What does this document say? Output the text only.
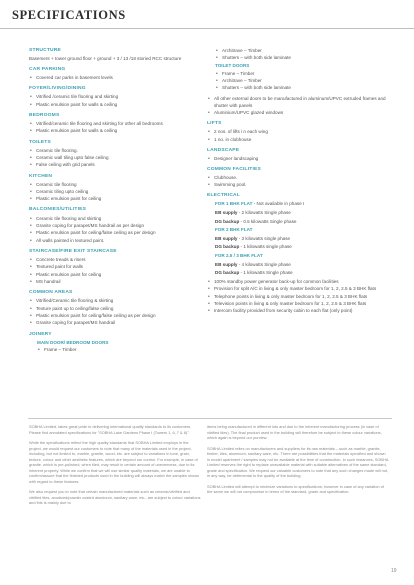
SPECIFICATIONS
STRUCTURE
Basement + tower ground floor + ground + 3 / 13 /18 storied RCC structure
CAR PARKING
• Covered car parks in basement levels
FOYER/LIVING/DINING
• Vitrified /ceramic tile flooring and skirting
• Plastic emulsion paint for walls & ceiling
BEDROOMS
• Vitrified/ceramic tile flooring and skirting for other all bedrooms
• Plastic emulsion paint for walls & ceiling
TOILETS
• Ceramic tile flooring.
• Ceramic wall tiling upto false ceiling
• False ceiling with grid panels
KITCHEN
• Ceramic tile flooring
• Ceramic tiling upto ceiling
• Plastic emulsion paint for ceiling
BALCONIES/UTILITIES
• Ceramic tile flooring and skirting
• Granite coping for parapet/MS handrail as per design
• Plastic emulsion paint for ceiling/false ceiling as per design
• All walls painted in textured paint.
STAIRCASE/FIRE EXIT STAIRCASE
• Concrete treads & risers
• Textured paint for walls
• Plastic emulsion paint for ceiling
• MS handrail
COMMON AREAS
• Vitrified/Ceramic tile flooring & skirting
• Texture paint up to ceiling/false ceiling
• Plastic emulsion paint for ceiling/false ceiling as per design
• Granite coping for parapet/MS handrail
JOINERY
MAIN DOOR/ BEDROOM DOORS
• Frame – Timber
• Architrave – Timber
• Shutters – with both side laminate
TOILET DOORS
• Frame – Timber
• Architrave – Timber
• Shutters – with both side laminate
• All other external doors to be manufactured in aluminum/UPVC extruded frames and shutter with panels
• Aluminium/UPVC glazed windows
LIFTS
• 2 nos. of lifts i n each wing
• 1 no. in clubhouse
LANDSCAPE
• Designer landscaping
COMMON FACILITIES
• Clubhouse.
• Swimming pool.
ELECTRICAL
FOR 1 BHK FLAT - Not available in phase I
EB supply - 2 kilowatts Single phase
DG backup - 0.5 kilowatts Single phase
FOR 2 BHK FLAT
EB supply - 3 kilowatts single phase
DG backup - 1 kilowatts single phase
FOR 2.5 / 3 BHK FLAT
EB supply - 4 kilowatts Single phase
DG backup - 1 kilowatts Single phase
• 100% standby power generator back-up for common facilities
• Provision for split A/C in living & only master bedroom for 1, 2, 2.5 & 3 BHK flats
• Telephone points in living & only master bedroom for 1, 2, 2.5 & 3 BHK flats
• Television points in living & only master bedroom for 1, 2, 2.5 & 3 BHK flats
• Intercom facility provided from security cabin to each flat (only point)

SOBHA Limited, takes great pride in delivering international quality standards to its customers. Please find annotated specifications for "SOBHA Lake Gardens Phase I (Towers 1, 6, 7 & 8)".

While the specifications reflect the high quality standards that SOBHA Limited employs in the project, we would request our customers to note that many of the materials used in the project, including, but not limited to, marble, granite, wood, etc. are subject to variations in tone, grain, texture, colour and other aesthetic features, which are beyond our control. For example, in case of granite, which is pre-polished, when tiled, may result in certain amount of unevenness, due to its inherent property. While we confirm that we will use similar quality materials, we are unable to confirm/assure that the finished products used in the building will always match the samples shown with regard to these features.

We also request you to note that certain manufactured materials such as ceramic/vitrified and vitrified tiles, anodized/powder coated aluminum, sanitary ware, etc., are subject to colour variations and this is mainly due to

items being manufactured in different lots and due to the inherent manufacturing process (in case of vitrified tiles). The final product used in the building will therefore be subject to these colour variations, which again is beyond our purview.

SOBHA Limited relies on manufacturers and suppliers for its raw materials – such as marble, granite, timber, tiles, aluminum, sanitary ware, etc. There are possibilities that the materials specified and shown in model apartment / samples may not be available at the time of construction. In such instances, SOBHA Limited reserves the right to replace unavailable material with suitable alternatives of the same standard, grade and specification. We request our valuable customers to note that any such changes made will not, in any way, be detrimental to the quality of the building.

SOBHA Limited will attempt to minimize variations to specifications; however in case of any variation of the same we will not compromise in terms of the standard, grade and specification.

19
